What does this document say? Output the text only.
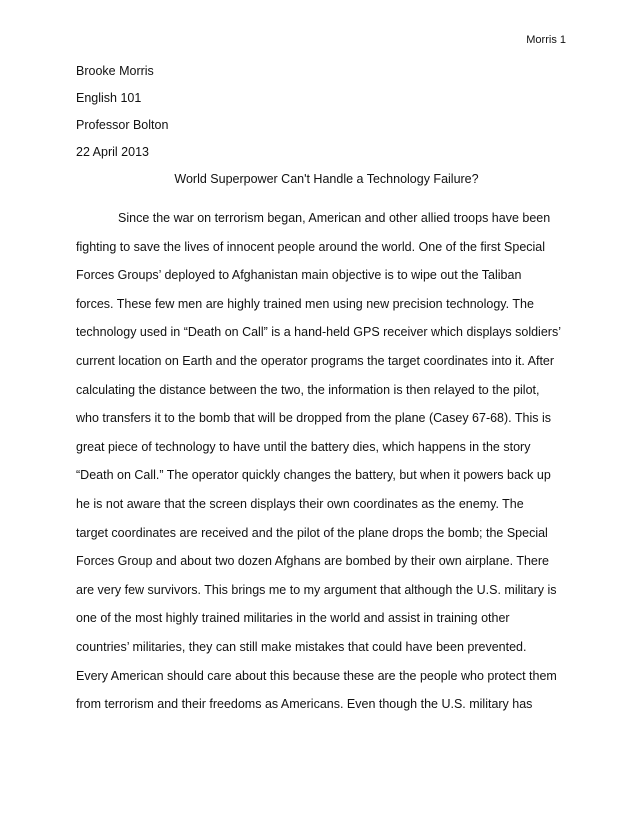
Morris 1
Brooke Morris
English 101
Professor Bolton
22 April 2013
World Superpower Can't Handle a Technology Failure?
Since the war on terrorism began, American and other allied troops have been
fighting to save the lives of innocent people around the world. One of the first Special
Forces Groups’ deployed to Afghanistan main objective is to wipe out the Taliban
forces. These few men are highly trained men using new precision technology. The
technology used in “Death on Call” is a hand-held GPS receiver which displays soldiers’
current location on Earth and the operator programs the target coordinates into it. After
calculating the distance between the two, the information is then relayed to the pilot,
who transfers it to the bomb that will be dropped from the plane (Casey 67-68). This is
great piece of technology to have until the battery dies, which happens in the story
“Death on Call.” The operator quickly changes the battery, but when it powers back up
he is not aware that the screen displays their own coordinates as the enemy. The
target coordinates are received and the pilot of the plane drops the bomb; the Special
Forces Group and about two dozen Afghans are bombed by their own airplane. There
are very few survivors. This brings me to my argument that although the U.S. military is
one of the most highly trained militaries in the world and assist in training other
countries’ militaries, they can still make mistakes that could have been prevented.
Every American should care about this because these are the people who protect them
from terrorism and their freedoms as Americans. Even though the U.S. military has
